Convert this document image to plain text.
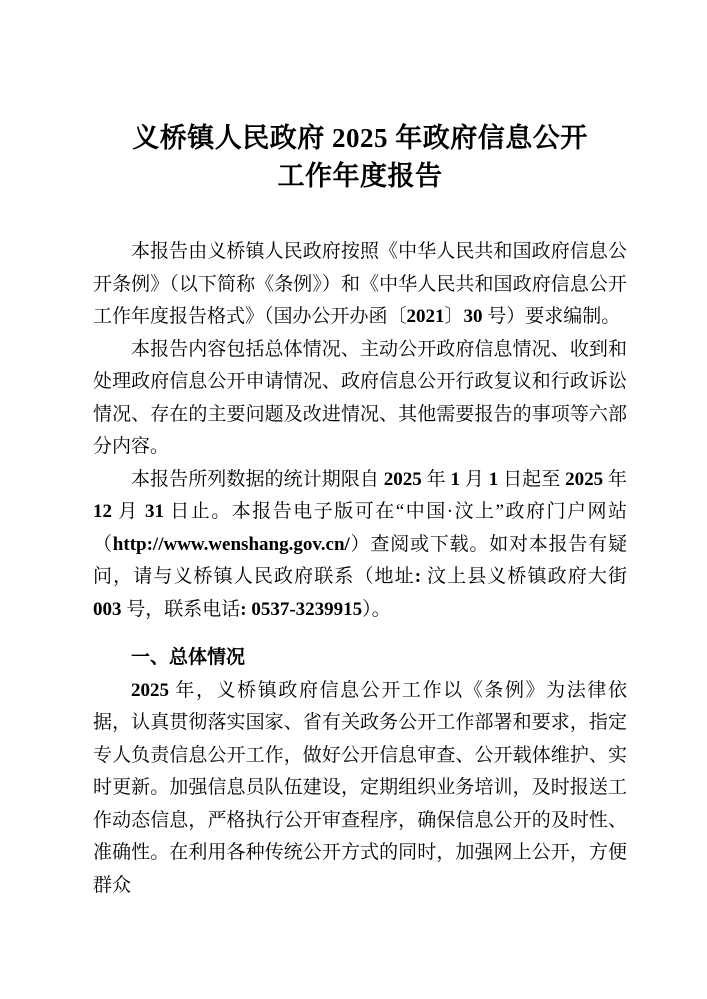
义桥镇人民政府 2025 年政府信息公开
工作年度报告

本报告由义桥镇人民政府按照《中华人民共和国政府信息公开条例》（以下简称《条例》）和《中华人民共和国政府信息公开工作年度报告格式》（国办公开办函〔2021〕30 号）要求编制。

本报告内容包括总体情况、主动公开政府信息情况、收到和处理政府信息公开申请情况、政府信息公开行政复议和行政诉讼情况、存在的主要问题及改进情况、其他需要报告的事项等六部分内容。

本报告所列数据的统计期限自 2025 年 1 月 1 日起至 2025 年 12 月 31 日止。本报告电子版可在“中国·汶上”政府门户网站（http://www.wenshang.gov.cn/）查阅或下载。如对本报告有疑问，请与义桥镇人民政府联系（地址: 汶上县义桥镇政府大街 003 号，联系电话: 0537-3239915）。

一、总体情况

2025 年，义桥镇政府信息公开工作以《条例》为法律依据，认真贯彻落实国家、省有关政务公开工作部署和要求，指定专人负责信息公开工作，做好公开信息审查、公开载体维护、实时更新。加强信息员队伍建设，定期组织业务培训，及时报送工作动态信息，严格执行公开审查程序，确保信息公开的及时性、准确性。在利用各种传统公开方式的同时，加强网上公开，方便群众
